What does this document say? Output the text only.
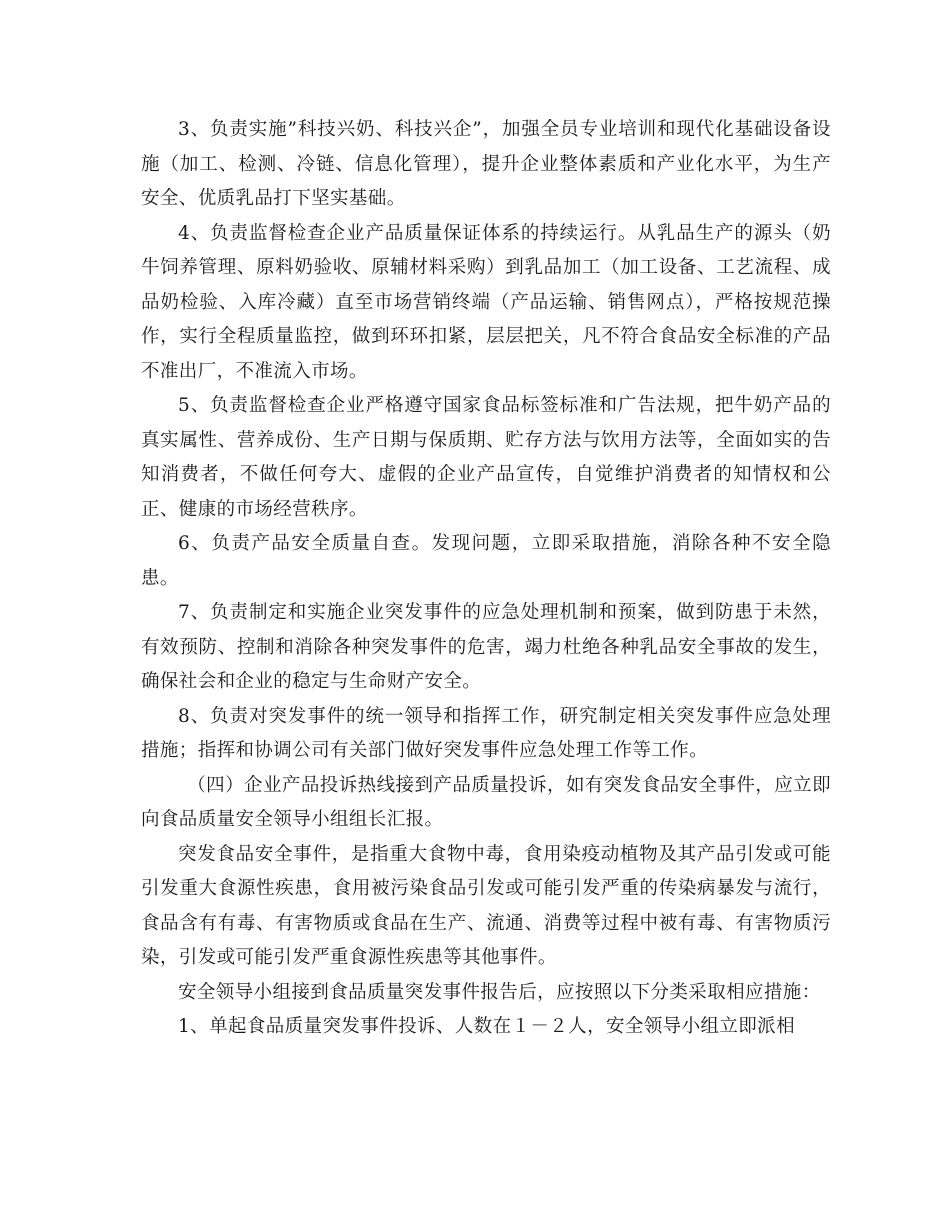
3、负责实施”科技兴奶、科技兴企”，加强全员专业培训和现代化基础设备设施（加工、检测、冷链、信息化管理），提升企业整体素质和产业化水平，为生产安全、优质乳品打下坚实基础。

4、负责监督检查企业产品质量保证体系的持续运行。从乳品生产的源头（奶牛饲养管理、原料奶验收、原辅材料采购）到乳品加工（加工设备、工艺流程、成品奶检验、入库冷藏）直至市场营销终端（产品运输、销售网点），严格按规范操作，实行全程质量监控，做到环环扣紧，层层把关，凡不符合食品安全标准的产品不准出厂，不准流入市场。

5、负责监督检查企业严格遵守国家食品标签标准和广告法规，把牛奶产品的真实属性、营养成份、生产日期与保质期、贮存方法与饮用方法等，全面如实的告知消费者，不做任何夸大、虚假的企业产品宣传，自觉维护消费者的知情权和公正、健康的市场经营秩序。

6、负责产品安全质量自查。发现问题，立即采取措施，消除各种不安全隐患。

7、负责制定和实施企业突发事件的应急处理机制和预案，做到防患于未然，有效预防、控制和消除各种突发事件的危害，竭力杜绝各种乳品安全事故的发生，确保社会和企业的稳定与生命财产安全。

8、负责对突发事件的统一领导和指挥工作，研究制定相关突发事件应急处理措施；指挥和协调公司有关部门做好突发事件应急处理工作等工作。

（四）企业产品投诉热线接到产品质量投诉，如有突发食品安全事件，应立即向食品质量安全领导小组组长汇报。

突发食品安全事件，是指重大食物中毒，食用染疫动植物及其产品引发或可能引发重大食源性疾患，食用被污染食品引发或可能引发严重的传染病暴发与流行，食品含有有毒、有害物质或食品在生产、流通、消费等过程中被有毒、有害物质污染，引发或可能引发严重食源性疾患等其他事件。

安全领导小组接到食品质量突发事件报告后，应按照以下分类采取相应措施：

1、单起食品质量突发事件投诉、人数在１－２人，安全领导小组立即派相
